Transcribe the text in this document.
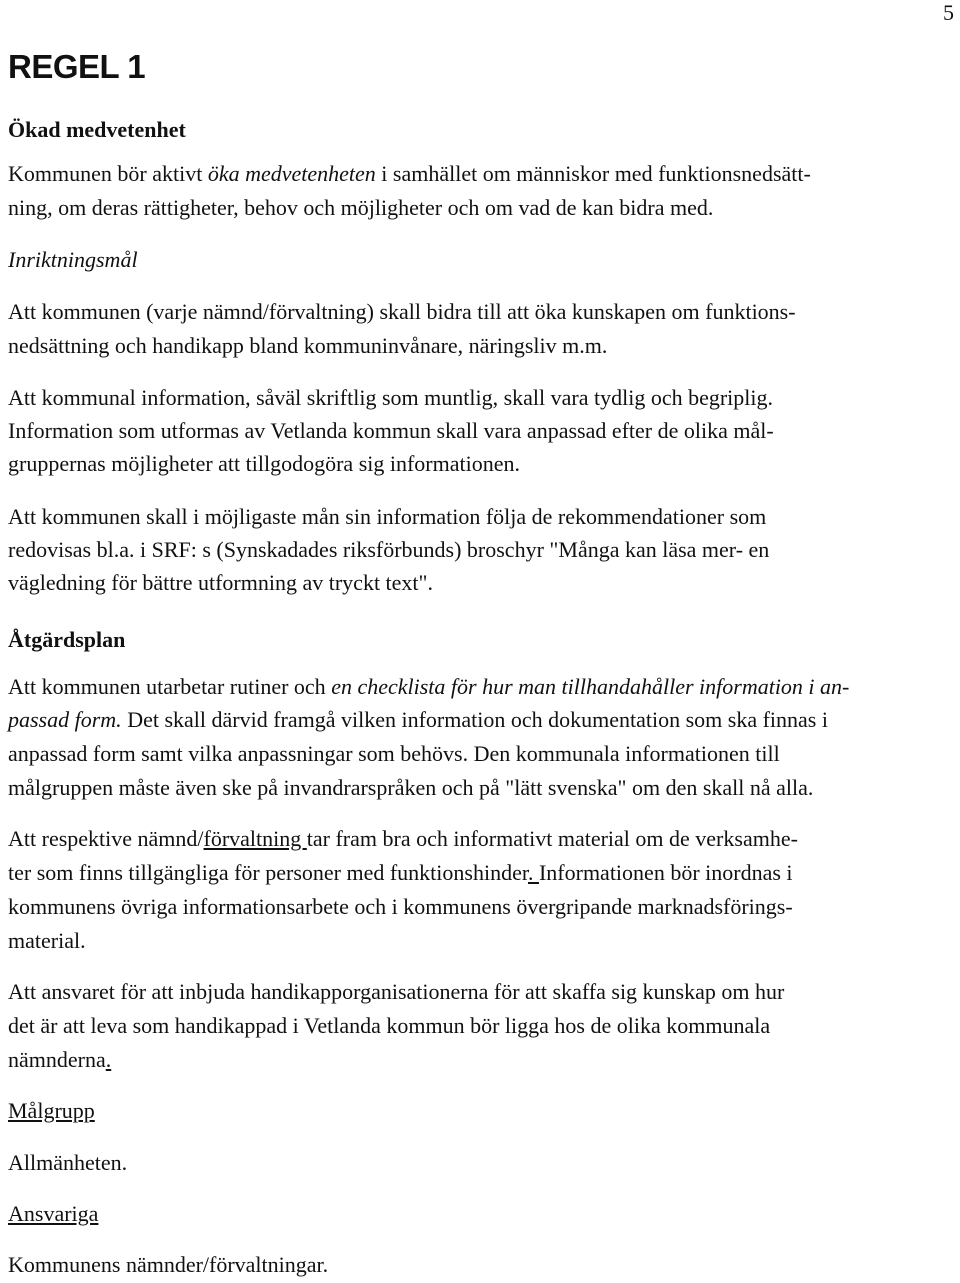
5
REGEL 1
Ökad medvetenhet
Kommunen bör aktivt öka medvetenheten i samhället om människor med funktionsnedsätt-
ning, om deras rättigheter, behov och möjligheter och om vad de kan bidra med.
Inriktningsmål
Att kommunen (varje nämnd/förvaltning) skall bidra till att öka kunskapen om funktions-
nedsättning och handikapp bland kommuninvånare, näringsliv m.m.
Att kommunal information, såväl skriftlig som muntlig, skall vara tydlig och begriplig.
Information som utformas av Vetlanda kommun skall vara anpassad efter de olika mål-
gruppernas möjligheter att tillgodogöra sig informationen.
Att kommunen skall i möjligaste mån sin information följa de rekommendationer som
redovisas bl.a. i SRF: s (Synskadades riksförbunds) broschyr "Många kan läsa mer- en
vägledning för bättre utformning av tryckt text".
Åtgärdsplan
Att kommunen utarbetar rutiner och en checklista för hur man tillhandahåller information i an-
passad form. Det skall därvid framgå vilken information och dokumentation som ska finnas i
anpassad form samt vilka anpassningar som behövs. Den kommunala informationen till
målgruppen måste även ske på invandrarspråken och på "lätt svenska" om den skall nå alla.
Att respektive nämnd/förvaltning tar fram bra och informativt material om de verksamhe-
ter som finns tillgängliga för personer med funktionshinder. Informationen bör inordnas i
kommunens övriga informationsarbete och i kommunens övergripande marknadsförings-
material.
Att ansvaret för att inbjuda handikapporganisationerna för att skaffa sig kunskap om hur
det är att leva som handikappad i Vetlanda kommun bör ligga hos de olika kommunala
nämnderna.
Målgrupp
Allmänheten.
Ansvariga
Kommunens nämnder/förvaltningar.
